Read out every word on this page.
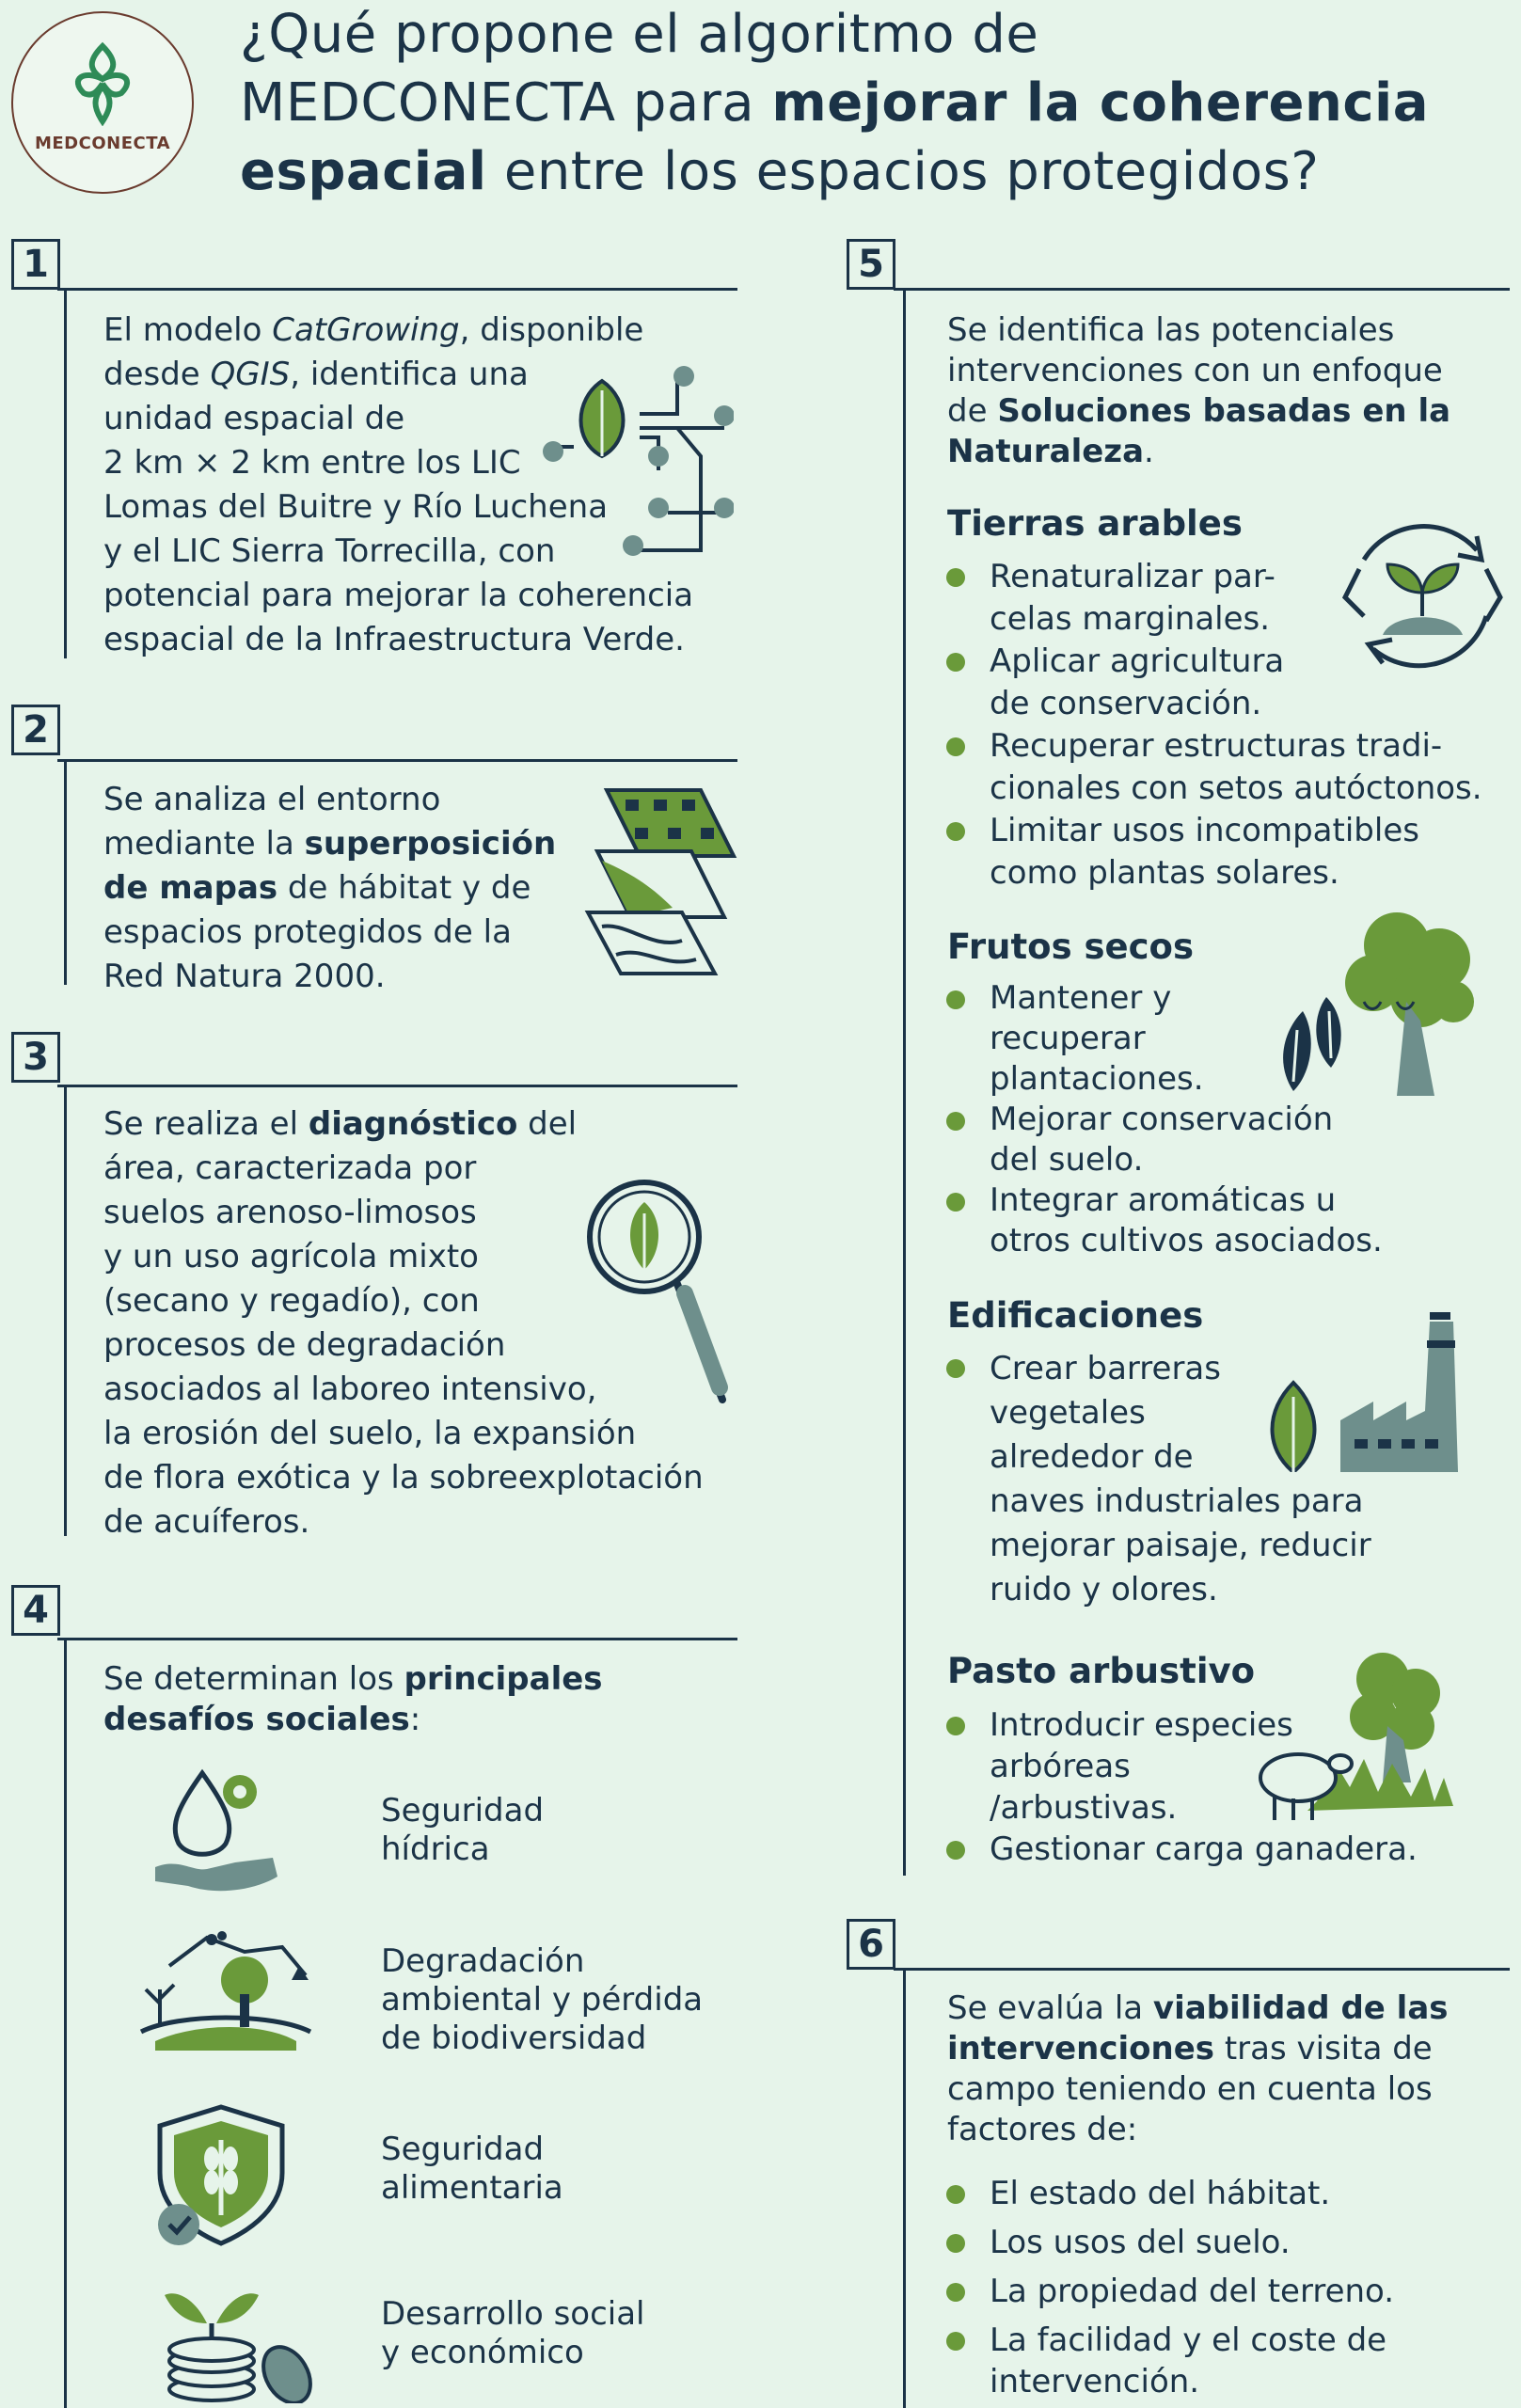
MEDCONECTA
¿Qué propone el algoritmo de
MEDCONECTA para mejorar la coherencia
espacial entre los espacios protegidos?
1
El modelo CatGrowing, disponible
desde QGIS, identifica una
unidad espacial de
2 km × 2 km entre los LIC
Lomas del Buitre y Río Luchena
y el LIC Sierra Torrecilla, con
potencial para mejorar la coherencia
espacial de la Infraestructura Verde.
2
Se analiza el entorno
mediante la superposición
de mapas de hábitat y de
espacios protegidos de la
Red Natura 2000.
3
Se realiza el diagnóstico del
área, caracterizada por
suelos arenoso-limosos
y un uso agrícola mixto
(secano y regadío), con
procesos de degradación
asociados al laboreo intensivo,
la erosión del suelo, la expansión
de flora exótica y la sobreexplotación
de acuíferos.
4
Se determinan los principales
desafíos sociales:
Seguridad
hídrica
Degradación
ambiental y pérdida
de biodiversidad
Seguridad
alimentaria
Desarrollo social
y económico
5
Se identifica las potenciales
intervenciones con un enfoque
de Soluciones basadas en la
Naturaleza.
Tierras arables
Renaturalizar par-
celas marginales.
Aplicar agricultura
de conservación.
Recuperar estructuras tradi-
cionales con setos autóctonos.
Limitar usos incompatibles
como plantas solares.
Frutos secos
Mantener y
recuperar
plantaciones.
Mejorar conservación
del suelo.
Integrar aromáticas u
otros cultivos asociados.
Edificaciones
Crear barreras
vegetales
alrededor de
naves industriales para
mejorar paisaje, reducir
ruido y olores.
Pasto arbustivo
Introducir especies
arbóreas
/arbustivas.
Gestionar carga ganadera.
6
Se evalúa la viabilidad de las
intervenciones tras visita de
campo teniendo en cuenta los
factores de:
El estado del hábitat.
Los usos del suelo.
La propiedad del terreno.
La facilidad y el coste de
intervención.
